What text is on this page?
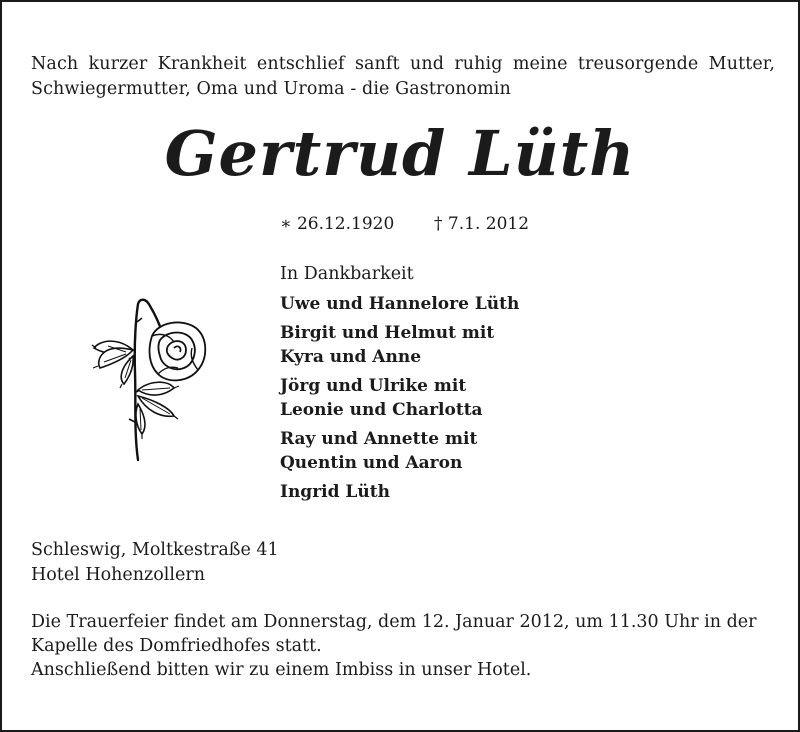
Nach kurzer Krankheit entschlief sanft und ruhig meine treusorgende Mutter, Schwiegermutter, Oma und Uroma - die Gastronomin
Gertrud Lüth
∗ 26.12.1920 † 7.1. 2012
In Dankbarkeit
Uwe und Hannelore Lüth
Birgit und Helmut mit
Kyra und Anne
Jörg und Ulrike mit
Leonie und Charlotta
Ray und Annette mit
Quentin und Aaron
Ingrid Lüth
Schleswig, Moltkestraße 41
Hotel Hohenzollern
Die Trauerfeier findet am Donnerstag, dem 12. Januar 2012, um 11.30 Uhr in der Kapelle des Domfriedhofes statt.
Anschließend bitten wir zu einem Imbiss in unser Hotel.
